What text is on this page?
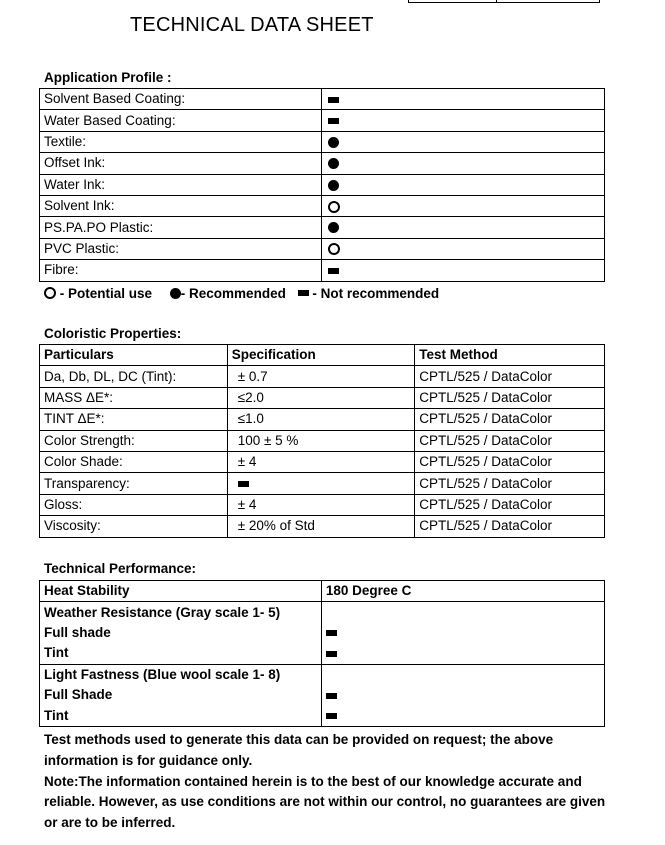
TECHNICAL DATA SHEET
Application Profile :
Solvent Based Coating:	
Water Based Coating:	
Textile:	
Offset Ink:	
Water Ink:	
Solvent Ink:	
PS.PA.PO Plastic:	
PVC Plastic:	
Fibre:	
- Potential use - Recommended - Not recommended
Coloristic Properties:
Particulars	Specification	Test Method
Da, Db, DL, DC (Tint):	± 0.7	CPTL/525 / DataColor
MASS ΔE*:	≤2.0	CPTL/525 / DataColor
TINT ΔE*:	≤1.0	CPTL/525 / DataColor
Color Strength:	100 ± 5 %	CPTL/525 / DataColor
Color Shade:	± 4	CPTL/525 / DataColor
Transparency:		CPTL/525 / DataColor
Gloss:	± 4	CPTL/525 / DataColor
Viscosity:	± 20% of Std	CPTL/525 / DataColor
Technical Performance:
Heat Stability	180 Degree C
Weather Resistance (Gray scale 1- 5)	
Full shade	
Tint	
Light Fastness (Blue wool scale 1- 8)	
Full Shade	
Tint	
Test methods used to generate this data can be provided on request; the above information is for guidance only.
Note:The information contained herein is to the best of our knowledge accurate and reliable. However, as use conditions are not within our control, no guarantees are given or are to be inferred.
